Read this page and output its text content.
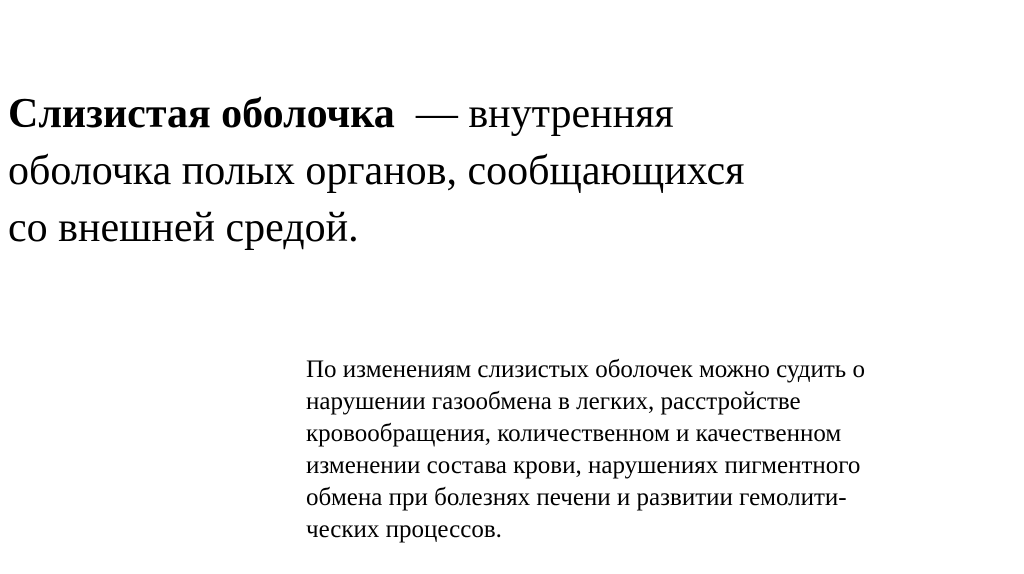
Слизистая оболочка  — внутренняя
оболочка полых органов, сообщающихся
со внешней средой.

По изменениям слизистых оболочек можно судить о
нарушении газообмена в легких, расстройстве
кровообращения, количественном и качественном
изменении состава крови, нарушениях пигментного
обмена при болезнях печени и развитии гемолити-
ческих процессов.
